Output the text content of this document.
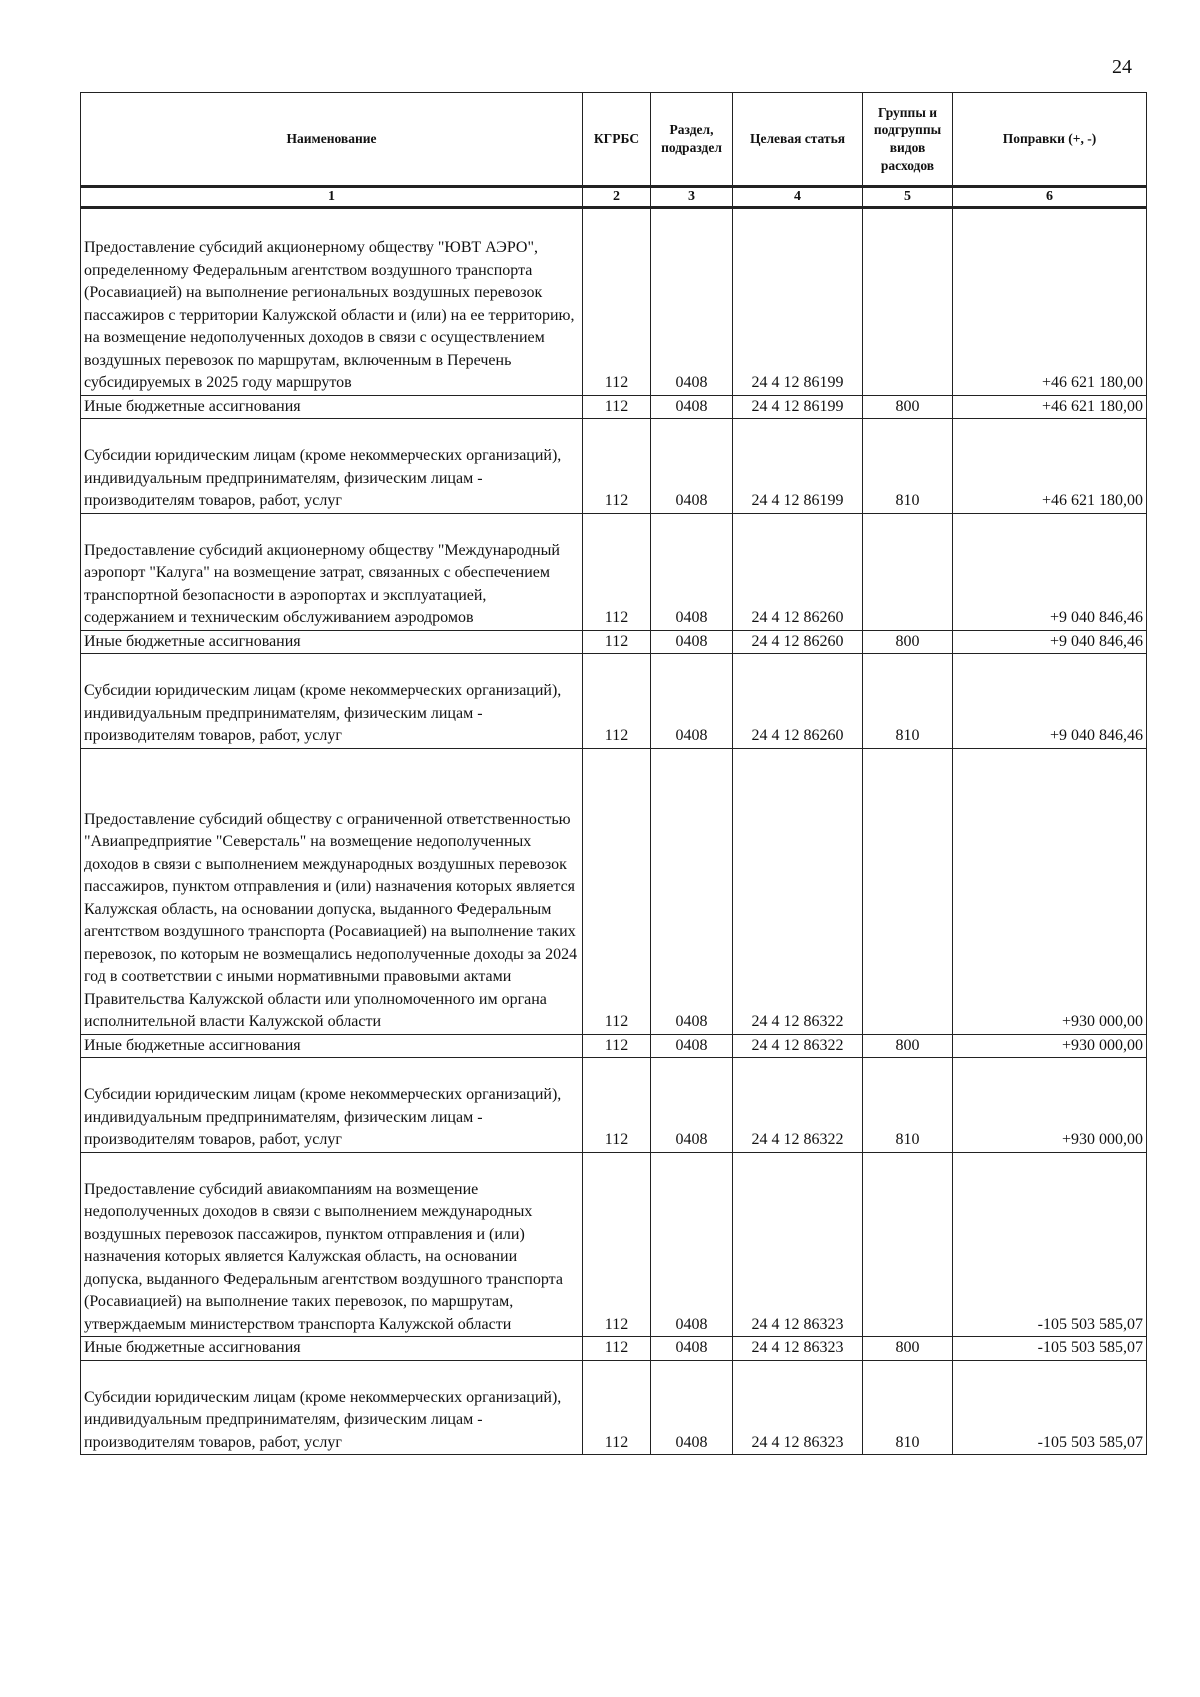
24
Наименование	КГРБС	Раздел, подраздел	Целевая статья	Группы и подгруппы видов расходов	Поправки (+, -)
1	2	3	4	5	6
Предоставление субсидий акционерному обществу "ЮВТ АЭРО", определенному Федеральным агентством воздушного транспорта (Росавиацией) на выполнение региональных воздушных перевозок пассажиров с территории Калужской области и (или) на ее территорию, на возмещение недополученных доходов в связи с осуществлением воздушных перевозок по маршрутам, включенным в Перечень субсидируемых в 2025 году маршрутов	112	0408	24 4 12 86199		+46 621 180,00
Иные бюджетные ассигнования	112	0408	24 4 12 86199	800	+46 621 180,00
Субсидии юридическим лицам (кроме некоммерческих организаций), индивидуальным предпринимателям, физическим лицам - производителям товаров, работ, услуг	112	0408	24 4 12 86199	810	+46 621 180,00
Предоставление субсидий акционерному обществу "Международный аэропорт "Калуга" на возмещение затрат, связанных с обеспечением транспортной безопасности в аэропортах и эксплуатацией, содержанием и техническим обслуживанием аэродромов	112	0408	24 4 12 86260		+9 040 846,46
Иные бюджетные ассигнования	112	0408	24 4 12 86260	800	+9 040 846,46
Субсидии юридическим лицам (кроме некоммерческих организаций), индивидуальным предпринимателям, физическим лицам - производителям товаров, работ, услуг	112	0408	24 4 12 86260	810	+9 040 846,46
Предоставление субсидий обществу с ограниченной ответственностью "Авиапредприятие "Северсталь" на возмещение недополученных доходов в связи с выполнением международных воздушных перевозок пассажиров, пунктом отправления и (или) назначения которых является Калужская область, на основании допуска, выданного Федеральным агентством воздушного транспорта (Росавиацией) на выполнение таких перевозок, по которым не возмещались недополученные доходы за 2024 год в соответствии с иными нормативными правовыми актами Правительства Калужской области или уполномоченного им органа исполнительной власти Калужской области	112	0408	24 4 12 86322		+930 000,00
Иные бюджетные ассигнования	112	0408	24 4 12 86322	800	+930 000,00
Субсидии юридическим лицам (кроме некоммерческих организаций), индивидуальным предпринимателям, физическим лицам - производителям товаров, работ, услуг	112	0408	24 4 12 86322	810	+930 000,00
Предоставление субсидий авиакомпаниям на возмещение недополученных доходов в связи с выполнением международных воздушных перевозок пассажиров, пунктом отправления и (или) назначения которых является Калужская область, на основании допуска, выданного Федеральным агентством воздушного транспорта (Росавиацией) на выполнение таких перевозок, по маршрутам, утверждаемым министерством транспорта Калужской области	112	0408	24 4 12 86323		-105 503 585,07
Иные бюджетные ассигнования	112	0408	24 4 12 86323	800	-105 503 585,07
Субсидии юридическим лицам (кроме некоммерческих организаций), индивидуальным предпринимателям, физическим лицам - производителям товаров, работ, услуг	112	0408	24 4 12 86323	810	-105 503 585,07
